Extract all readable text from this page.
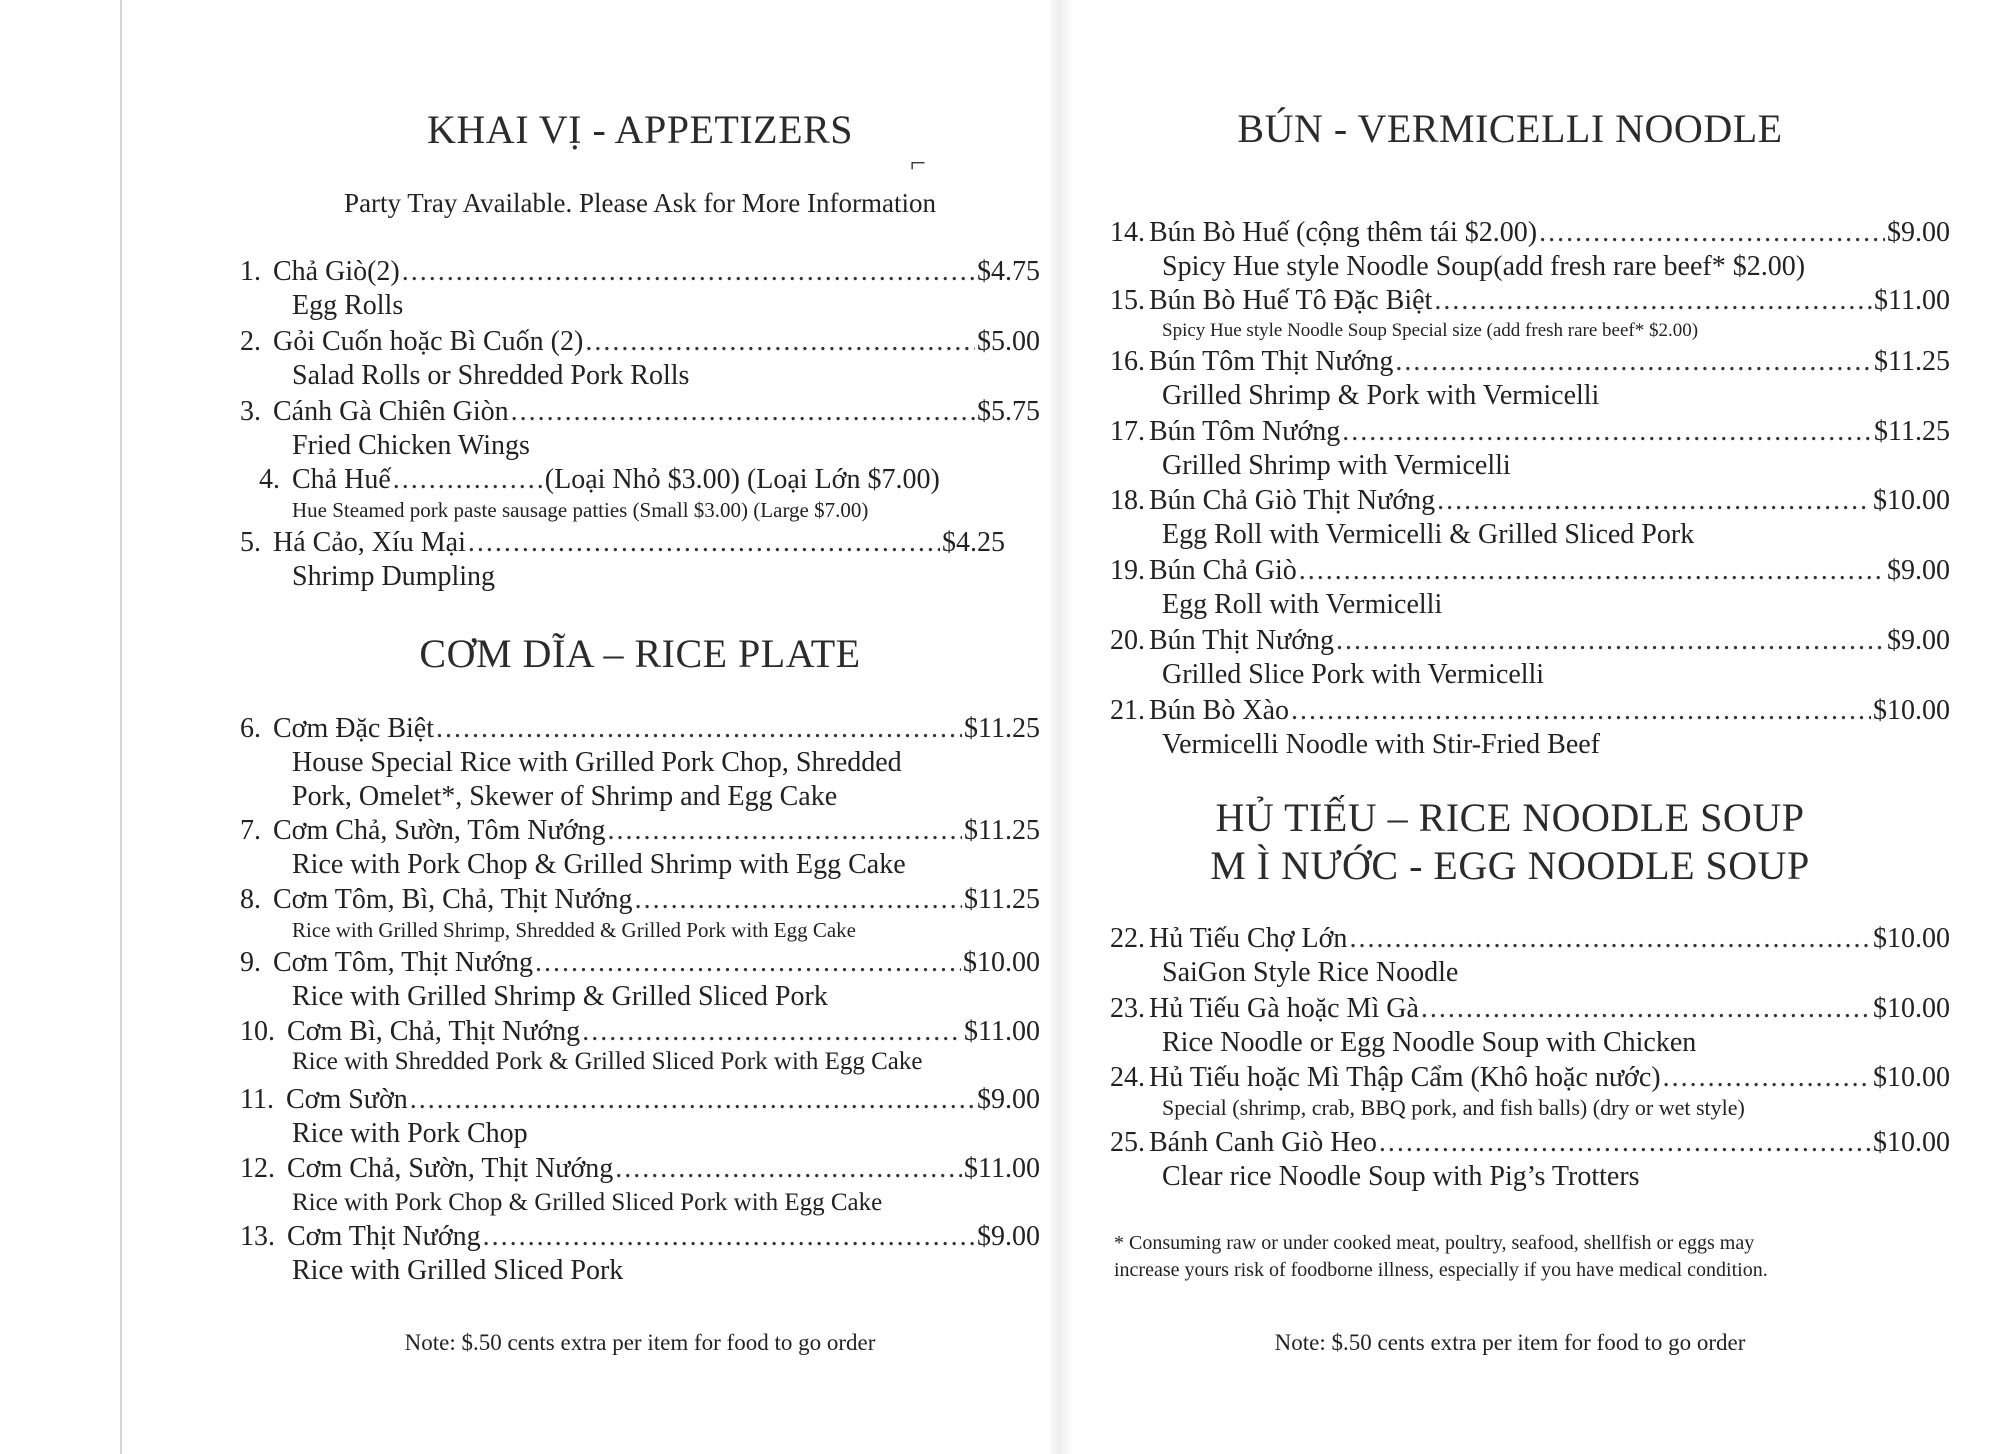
KHAI VỊ - APPETIZERS
⌐
Party Tray Available. Please Ask for More Information
1. Chả Giò(2) .....	$4.75
Egg Rolls
2. Gỏi Cuốn hoặc Bì Cuốn (2) .....	$5.00
Salad Rolls or Shredded Pork Rolls
3. Cánh Gà Chiên Giòn .....	$5.75
Fried Chicken Wings
4. Chả Huế .....	(Loại Nhỏ $3.00) (Loại Lớn $7.00)
Hue Steamed pork paste sausage patties (Small $3.00) (Large $7.00)
5. Há Cảo, Xíu Mại .....	$4.25
Shrimp Dumpling
CƠM DĨA – RICE PLATE
6. Cơm Đặc Biệt .....	$11.25
House Special Rice with Grilled Pork Chop, Shredded
Pork, Omelet*, Skewer of Shrimp and Egg Cake
7. Cơm Chả, Sườn, Tôm Nướng .....	$11.25
Rice with Pork Chop & Grilled Shrimp with Egg Cake
8. Cơm Tôm, Bì, Chả, Thịt Nướng .....	$11.25
Rice with Grilled Shrimp, Shredded & Grilled Pork with Egg Cake
9. Cơm Tôm, Thịt Nướng .....	$10.00
Rice with Grilled Shrimp & Grilled Sliced Pork
10. Cơm Bì, Chả, Thịt Nướng .....	$11.00
Rice with Shredded Pork & Grilled Sliced Pork with Egg Cake
11. Cơm Sườn .....	$9.00
Rice with Pork Chop
12. Cơm Chả, Sườn, Thịt Nướng .....	$11.00
Rice with Pork Chop & Grilled Sliced Pork with Egg Cake
13. Cơm Thịt Nướng .....	$9.00
Rice with Grilled Sliced Pork
Note: $.50 cents extra per item for food to go order
BÚN - VERMICELLI NOODLE
14. Bún Bò Huế (cộng thêm tái $2.00) .....	$9.00
Spicy Hue style Noodle Soup(add fresh rare beef* $2.00)
15. Bún Bò Huế Tô Đặc Biệt .....	$11.00
Spicy Hue style Noodle Soup Special size (add fresh rare beef* $2.00)
16. Bún Tôm Thịt Nướng .....	$11.25
Grilled Shrimp & Pork with Vermicelli
17. Bún Tôm Nướng .....	$11.25
Grilled Shrimp with Vermicelli
18. Bún Chả Giò Thịt Nướng .....	$10.00
Egg Roll with Vermicelli & Grilled Sliced Pork
19. Bún Chả Giò .....	$9.00
Egg Roll with Vermicelli
20. Bún Thịt Nướng .....	$9.00
Grilled Slice Pork with Vermicelli
21. Bún Bò Xào .....	$10.00
Vermicelli Noodle with Stir-Fried Beef
HỦ TIẾU – RICE NOODLE SOUP
M Ì NƯỚC - EGG NOODLE SOUP
22. Hủ Tiếu Chợ Lớn .....	$10.00
SaiGon Style Rice Noodle
23. Hủ Tiếu Gà hoặc Mì Gà .....	$10.00
Rice Noodle or Egg Noodle Soup with Chicken
24. Hủ Tiếu hoặc Mì Thập Cẩm (Khô hoặc nước) .....	$10.00
Special (shrimp, crab, BBQ pork, and fish balls) (dry or wet style)
25. Bánh Canh Giò Heo .....	$10.00
Clear rice Noodle Soup with Pig’s Trotters
* Consuming raw or under cooked meat, poultry, seafood, shellfish or eggs may
increase yours risk of foodborne illness, especially if you have medical condition.
Note: $.50 cents extra per item for food to go order
